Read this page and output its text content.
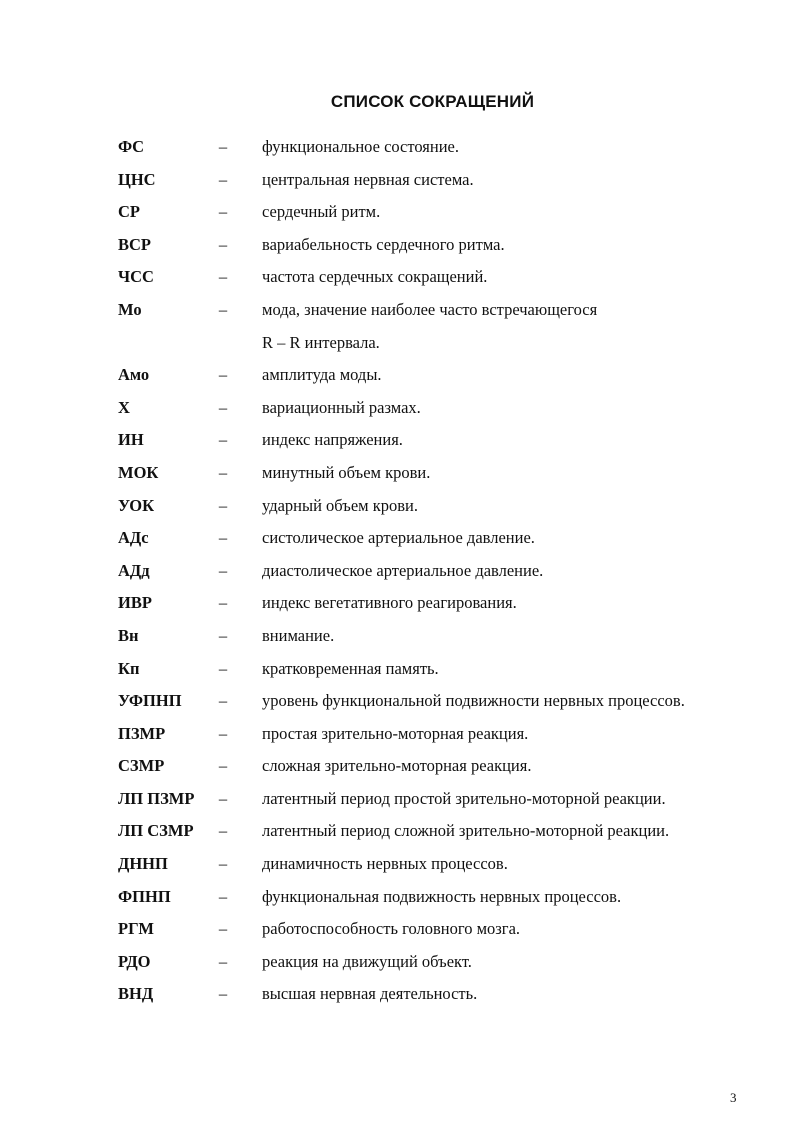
СПИСОК СОКРАЩЕНИЙ
ФС	–	функциональное состояние.
ЦНС	–	центральная нервная система.
СР	–	сердечный ритм.
ВСР	–	вариабельность сердечного ритма.
ЧСС	–	частота сердечных сокращений.
Мо	–	мода, значение наиболее часто встречающегося
R – R интервала.
Амо	–	амплитуда моды.
Х	–	вариационный размах.
ИН	–	индекс напряжения.
МОК	–	минутный объем крови.
УОК	–	ударный объем крови.
АДс	–	систолическое артериальное давление.
АДд	–	диастолическое артериальное давление.
ИВР	–	индекс вегетативного реагирования.
Вн	–	внимание.
Кп	–	кратковременная память.
УФПНП	–	уровень функциональной подвижности нервных процессов.
ПЗМР	–	простая зрительно-моторная реакция.
СЗМР	–	сложная зрительно-моторная реакция.
ЛП ПЗМР	–	латентный период простой зрительно-моторной реакции.
ЛП СЗМР	–	латентный период сложной зрительно-моторной реакции.
ДННП	–	динамичность нервных процессов.
ФПНП	–	функциональная подвижность нервных процессов.
РГМ	–	работоспособность головного мозга.
РДО	–	реакция на движущий объект.
ВНД	–	высшая нервная деятельность.
3
